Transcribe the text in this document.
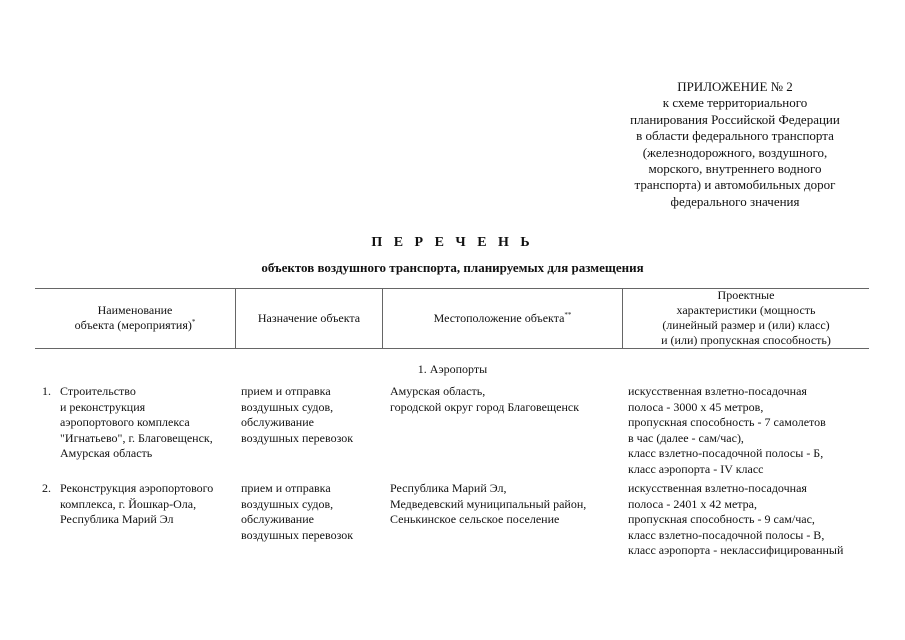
ПРИЛОЖЕНИЕ № 2
к схеме территориального
планирования Российской Федерации
в области федерального транспорта
(железнодорожного, воздушного,
морского, внутреннего водного
транспорта) и автомобильных дорог
федерального значения
П Е Р Е Ч Е Н Ь
объектов воздушного транспорта, планируемых для размещения
Наименование
объекта (мероприятия)*	Назначение объекта	Местоположение объекта**
Проектные
характеристики (мощность
(линейный размер и (или) класс)
и (или) пропускная способность)
1. Аэропорты
1. Строительство
и реконструкция
аэропортового комплекса
"Игнатьево", г. Благовещенск,
Амурская область
прием и отправка
воздушных судов,
обслуживание
воздушных перевозок
Амурская область,
городской округ город Благовещенск
искусственная взлетно-посадочная
полоса - 3000 x 45 метров,
пропускная способность - 7 самолетов
в час (далее - сам/час),
класс взлетно-посадочной полосы - Б,
класс аэропорта - IV класс
2. Реконструкция аэропортового
комплекса, г. Йошкар-Ола,
Республика Марий Эл
прием и отправка
воздушных судов,
обслуживание
воздушных перевозок
Республика Марий Эл,
Медведевский муниципальный район,
Сенькинское сельское поселение
искусственная взлетно-посадочная
полоса - 2401 x 42 метра,
пропускная способность - 9 сам/час,
класс взлетно-посадочной полосы - В,
класс аэропорта - неклассифицированный
